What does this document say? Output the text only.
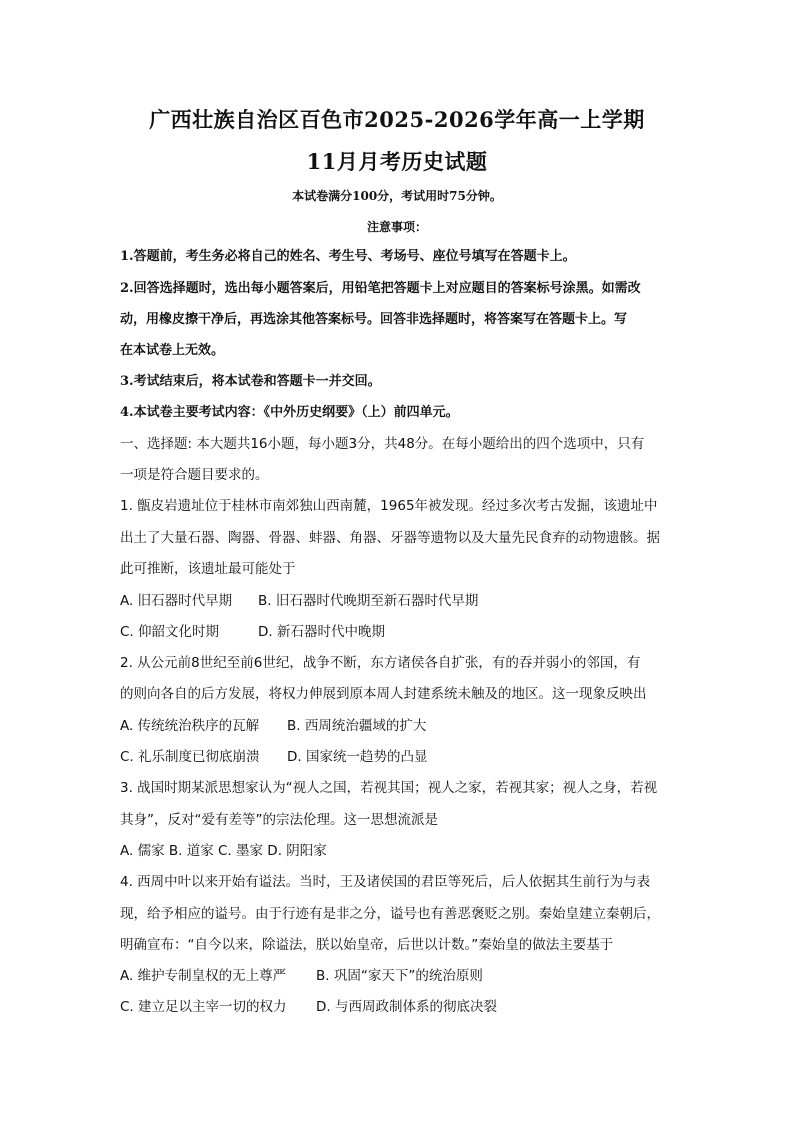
广西壮族自治区百色市2025-2026学年高一上学期
11月月考历史试题
本试卷满分100分，考试用时75分钟。
注意事项：
1.答题前，考生务必将自己的姓名、考生号、考场号、座位号填写在答题卡上。
2.回答选择题时，选出每小题答案后，用铅笔把答题卡上对应题目的答案标号涂黑。如需改
动，用橡皮擦干净后，再选涂其他答案标号。回答非选择题时，将答案写在答题卡上。写
在本试卷上无效。
3.考试结束后，将本试卷和答题卡一并交回。
4.本试卷主要考试内容：《中外历史纲要》（上）前四单元。
一、选择题: 本大题共16小题，每小题3分，共48分。在每小题给出的四个选项中，只有
一项是符合题目要求的。
1. 甑皮岩遗址位于桂林市南郊独山西南麓，1965年被发现。经过多次考古发掘，该遗址中
出土了大量石器、陶器、骨器、蚌器、角器、牙器等遗物以及大量先民食弃的动物遗骸。据
此可推断，该遗址最可能处于
A. 旧石器时代早期 B. 旧石器时代晚期至新石器时代早期
C. 仰韶文化时期	D. 新石器时代中晚期
2. 从公元前8世纪至前6世纪，战争不断，东方诸侯各自扩张，有的吞并弱小的邻国，有
的则向各自的后方发展，将权力伸展到原本周人封建系统未触及的地区。这一现象反映出
A. 传统统治秩序的瓦解 B. 西周统治疆域的扩大
C. 礼乐制度已彻底崩溃 D. 国家统一趋势的凸显
3. 战国时期某派思想家认为“视人之国，若视其国；视人之家，若视其家；视人之身，若视
其身”，反对“爱有差等”的宗法伦理。这一思想流派是
A. 儒家 B. 道家 C. 墨家 D. 阴阳家
4. 西周中叶以来开始有谥法。当时，王及诸侯国的君臣等死后，后人依据其生前行为与表
现，给予相应的谥号。由于行迹有是非之分，谥号也有善恶褒贬之别。秦始皇建立秦朝后，
明确宣布：“自今以来，除谥法，朕以始皇帝，后世以计数。”秦始皇的做法主要基于
A. 维护专制皇权的无上尊严 B. 巩固“家天下”的统治原则
C. 建立足以主宰一切的权力 D. 与西周政制体系的彻底决裂
